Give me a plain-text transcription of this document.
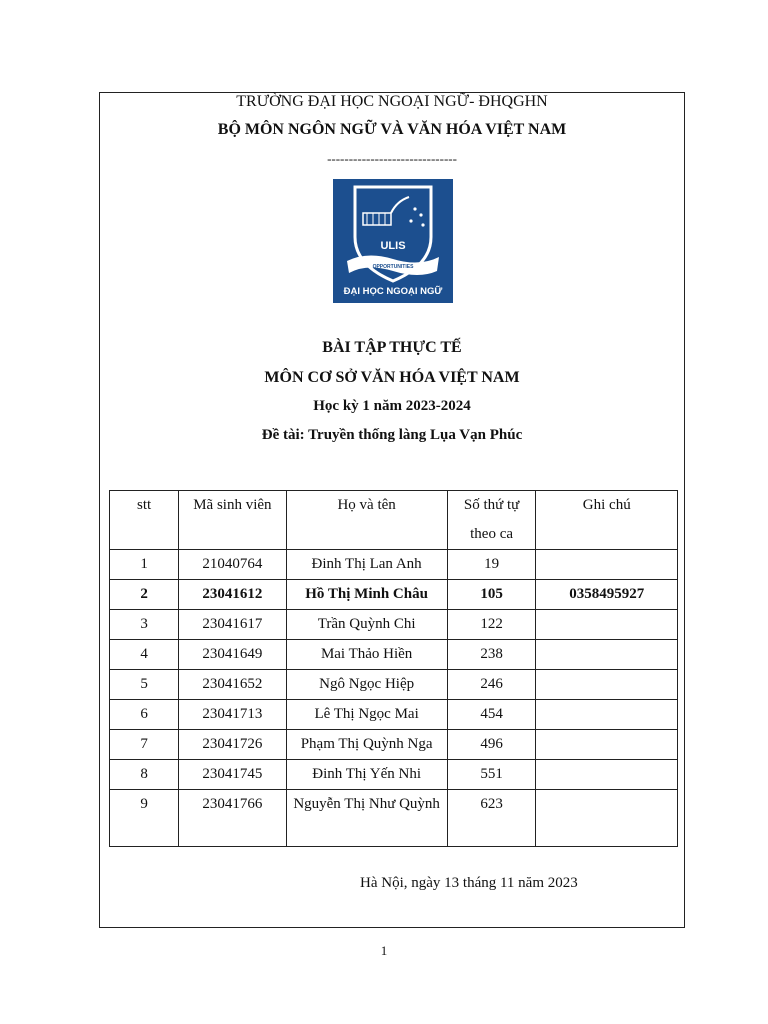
TRƯỜNG ĐẠI HỌC NGOẠI NGỮ- ĐHQGHN
BỘ MÔN NGÔN NGỮ VÀ VĂN HÓA VIỆT NAM
------------------------------
ULIS
OPPORTUNITIES
ĐẠI HỌC NGOẠI NGỮ
BÀI TẬP THỰC TẾ
MÔN CƠ SỞ VĂN HÓA VIỆT NAM
Học kỳ 1 năm 2023-2024
Đề tài: Truyền thống làng Lụa Vạn Phúc
stt	Mã sinh viên	Họ và tên	Số thứ tự theo ca	Ghi chú
1	21040764	Đinh Thị Lan Anh	19	
2	23041612	Hồ Thị Minh Châu	105	0358495927
3	23041617	Trần Quỳnh Chi	122	
4	23041649	Mai Thảo Hiền	238	
5	23041652	Ngô Ngọc Hiệp	246	
6	23041713	Lê Thị Ngọc Mai	454	
7	23041726	Phạm Thị Quỳnh Nga	496	
8	23041745	Đinh Thị Yến Nhi	551	
9	23041766	Nguyễn Thị Như Quỳnh	623	
Hà Nội, ngày 13 tháng 11 năm 2023
1
